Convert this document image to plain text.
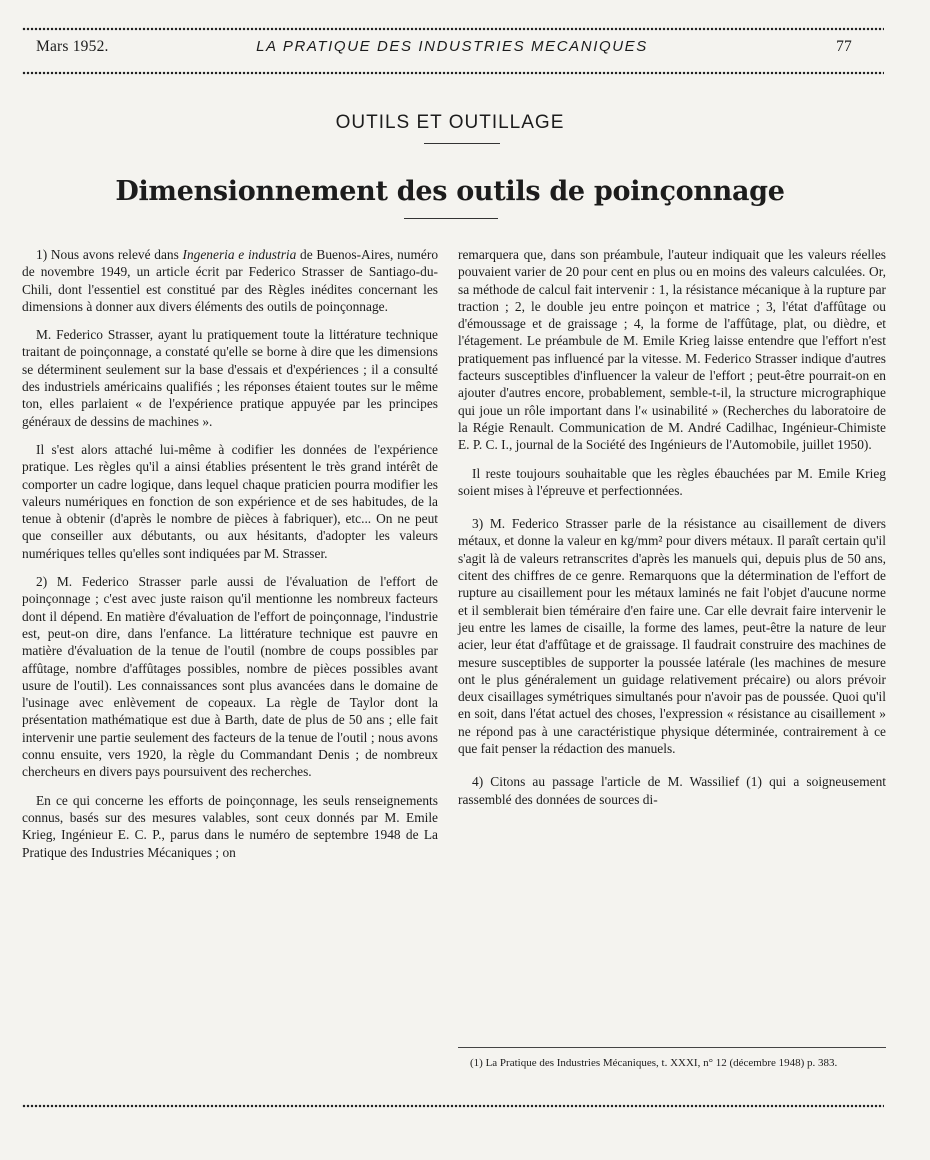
Mars 1952.	LA PRATIQUE DES INDUSTRIES MECANIQUES	77
OUTILS ET OUTILLAGE
Dimensionnement des outils de poinçonnage

1) Nous avons relevé dans Ingeneria e industria de Buenos-Aires, numéro de novembre 1949, un article écrit par Federico Strasser de Santiago-du-Chili, dont l'essentiel est constitué par des Règles inédites concernant les dimensions à donner aux divers éléments des outils de poinçonnage.

M. Federico Strasser, ayant lu pratiquement toute la littérature technique traitant de poinçonnage, a constaté qu'elle se borne à dire que les dimensions se déterminent seulement sur la base d'essais et d'expériences ; il a consulté des industriels américains qualifiés ; les réponses étaient toutes sur le même ton, elles parlaient « de l'expérience pratique appuyée par les principes généraux de dessins de machines ».

Il s'est alors attaché lui-même à codifier les données de l'expérience pratique. Les règles qu'il a ainsi établies présentent le très grand intérêt de comporter un cadre logique, dans lequel chaque praticien pourra modifier les valeurs numériques en fonction de son expérience et de ses habitudes, de la tenue à obtenir (d'après le nombre de pièces à fabriquer), etc... On ne peut que conseiller aux débutants, ou aux hésitants, d'adopter les valeurs numériques telles qu'elles sont indiquées par M. Strasser.

2) M. Federico Strasser parle aussi de l'évaluation de l'effort de poinçonnage ; c'est avec juste raison qu'il mentionne les nombreux facteurs dont il dépend. En matière d'évaluation de l'effort de poinçonnage, l'industrie est, peut-on dire, dans l'enfance. La littérature technique est pauvre en matière d'évaluation de la tenue de l'outil (nombre de coups possibles par affûtage, nombre d'affûtages possibles, nombre de pièces possibles avant usure de l'outil). Les connaissances sont plus avancées dans le domaine de l'usinage avec enlèvement de copeaux. La règle de Taylor dont la présentation mathématique est due à Barth, date de plus de 50 ans ; elle fait intervenir une partie seulement des facteurs de la tenue de l'outil ; nous avons connu ensuite, vers 1920, la règle du Commandant Denis ; de nombreux chercheurs en divers pays poursuivent des recherches.

En ce qui concerne les efforts de poinçonnage, les seuls renseignements connus, basés sur des mesures valables, sont ceux donnés par M. Emile Krieg, Ingénieur E. C. P., parus dans le numéro de septembre 1948 de La Pratique des Industries Mécaniques ; on

remarquera que, dans son préambule, l'auteur indiquait que les valeurs réelles pouvaient varier de 20 pour cent en plus ou en moins des valeurs calculées. Or, sa méthode de calcul fait intervenir : 1, la résistance mécanique à la rupture par traction ; 2, le double jeu entre poinçon et matrice ; 3, l'état d'affûtage ou d'émoussage et de graissage ; 4, la forme de l'affûtage, plat, ou dièdre, et l'étagement. Le préambule de M. Emile Krieg laisse entendre que l'effort n'est pratiquement pas influencé par la vitesse. M. Federico Strasser indique d'autres facteurs susceptibles d'influencer la valeur de l'effort ; peut-être pourrait-on en ajouter d'autres encore, probablement, semble-t-il, la structure micrographique qui joue un rôle important dans l'« usinabilité » (Recherches du laboratoire de la Régie Renault. Communication de M. André Cadilhac, Ingénieur-Chimiste E. P. C. I., journal de la Société des Ingénieurs de l'Automobile, juillet 1950).

Il reste toujours souhaitable que les règles ébauchées par M. Emile Krieg soient mises à l'épreuve et perfectionnées.

3) M. Federico Strasser parle de la résistance au cisaillement de divers métaux, et donne la valeur en kg/mm² pour divers métaux. Il paraît certain qu'il s'agit là de valeurs retranscrites d'après les manuels qui, depuis plus de 50 ans, citent des chiffres de ce genre. Remarquons que la détermination de l'effort de rupture au cisaillement pour les métaux laminés ne fait l'objet d'aucune norme et il semblerait bien téméraire d'en faire une. Car elle devrait faire intervenir le jeu entre les lames de cisaille, la forme des lames, peut-être la nature de leur acier, leur état d'affûtage et de graissage. Il faudrait construire des machines de mesure susceptibles de supporter la poussée latérale (les machines de mesure ont le plus généralement un guidage relativement précaire) ou alors prévoir deux cisaillages symétriques simultanés pour n'avoir pas de poussée. Quoi qu'il en soit, dans l'état actuel des choses, l'expression « résistance au cisaillement » ne répond pas à une caractéristique physique déterminée, contrairement à ce que fait penser la rédaction des manuels.

4) Citons au passage l'article de M. Wassilief (1) qui a soigneusement rassemblé des données de sources di-

(1) La Pratique des Industries Mécaniques, t. XXXI, n° 12 (décembre 1948) p. 383.
